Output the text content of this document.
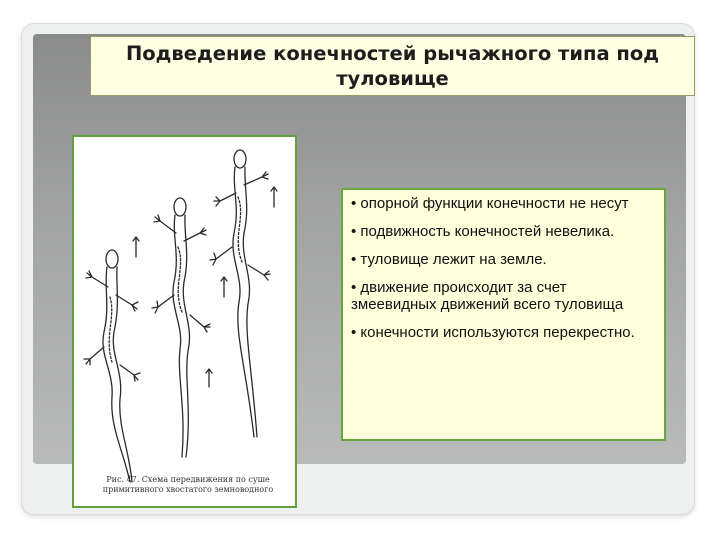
Подведение конечностей рычажного типа под
туловище
Рис. 47. Схема передвижения по суше
примитивного хвостатого земноводного
• опорной функции конечности не несут
• подвижность конечностей невелика.
• туловище лежит на земле.
• движение происходит за счет змеевидных движений всего туловища
• конечности используются перекрестно.
